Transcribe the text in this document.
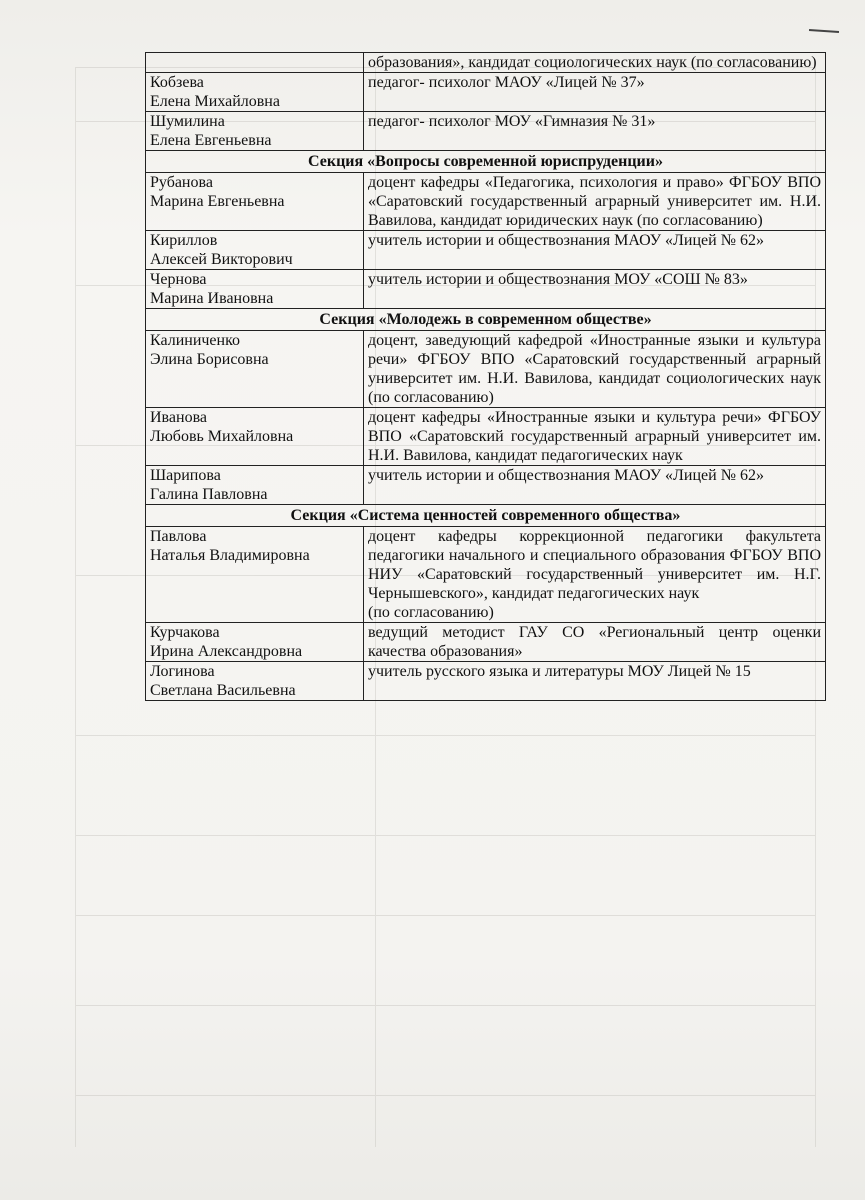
	образования», кандидат социологических наук (по согласованию)

Кобзева
Елена Михайловна	педагог- психолог МАОУ «Лицей № 37»

Шумилина
Елена Евгеньевна	педагог- психолог МОУ «Гимназия № 31»
Секция «Вопросы современной юриспруденции»	

Рубанова
Марина Евгеньевна	доцент кафедры «Педагогика, психология и право» ФГБОУ ВПО «Саратовский государственный аграрный университет им. Н.И. Вавилова, кандидат юридических наук (по согласованию)

Кириллов
Алексей Викторович	учитель истории и обществознания МАОУ «Лицей № 62»

Чернова
Марина Ивановна	учитель истории и обществознания МОУ «СОШ № 83»
Секция «Молодежь в современном обществе»	

Калиниченко
Элина Борисовна	доцент, заведующий кафедрой «Иностранные языки и культура речи» ФГБОУ ВПО «Саратовский государственный аграрный университет им. Н.И. Вавилова, кандидат социологических наук (по согласованию)

Иванова
Любовь Михайловна	доцент кафедры «Иностранные языки и культура речи» ФГБОУ ВПО «Саратовский государственный аграрный университет им. Н.И. Вавилова, кандидат педагогических наук

Шарипова
Галина Павловна	учитель истории и обществознания МАОУ «Лицей № 62»
Секция «Система ценностей современного общества»	

Павлова
Наталья Владимировна	доцент кафедры коррекционной педагогики факультета педагогики начального и специального образования ФГБОУ ВПО НИУ «Саратовский государственный университет им. Н.Г. Чернышевского», кандидат педагогических наук
(по согласованию)

Курчакова
Ирина Александровна	ведущий методист ГАУ СО «Региональный центр оценки качества образования»

Логинова
Светлана Васильевна	учитель русского языка и литературы МОУ Лицей № 15
